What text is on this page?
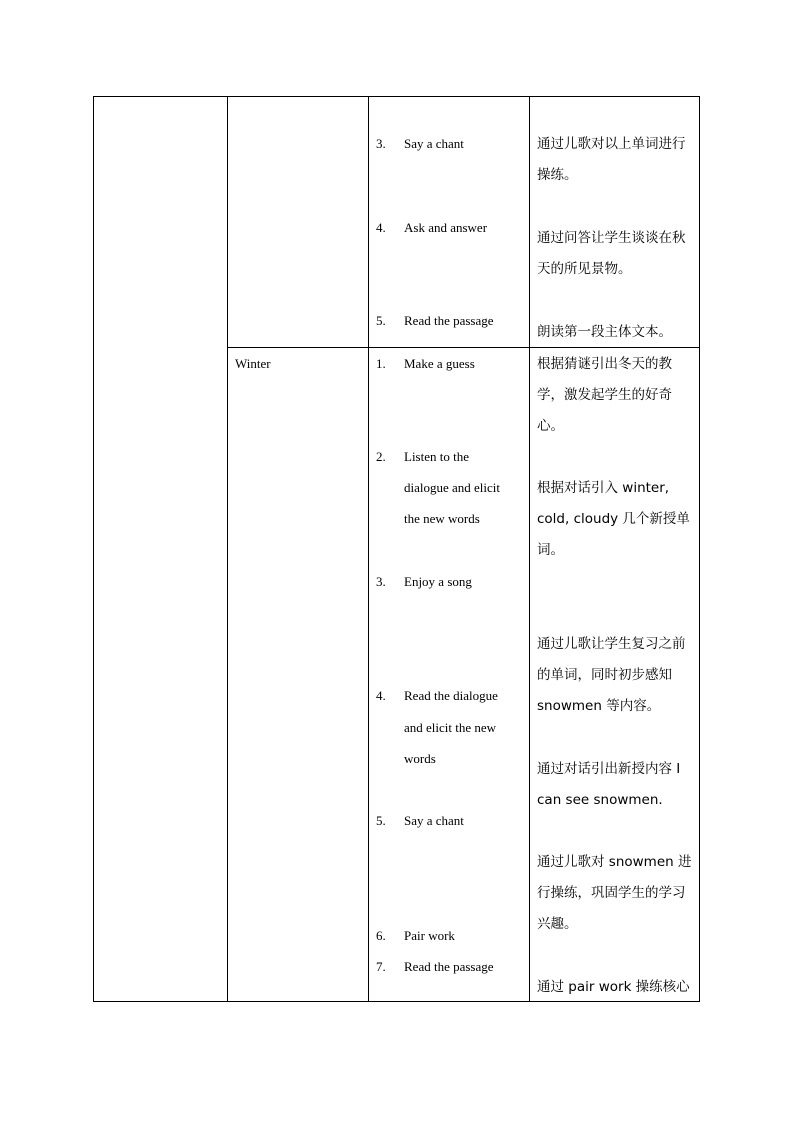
3. Say a chant
4. Ask and answer
5. Read the passage
通过儿歌对以上单词进行
操练。
通过问答让学生谈谈在秋
天的所见景物。
朗读第一段主体文本。
Winter	1. Make a guess
2. Listen to the
dialogue and elicit
the new words
3. Enjoy a song
4. Read the dialogue
and elicit the new
words
5. Say a chant
6. Pair work
7. Read the passage
根据猜谜引出冬天的教
学，激发起学生的好奇
心。
根据对话引入 winter,
cold, cloudy 几个新授单
词。
通过儿歌让学生复习之前
的单词，同时初步感知
snowmen 等内容。
通过对话引出新授内容 I
can see snowmen.
通过儿歌对 snowmen 进
行操练，巩固学生的学习
兴趣。
通过 pair work 操练核心
